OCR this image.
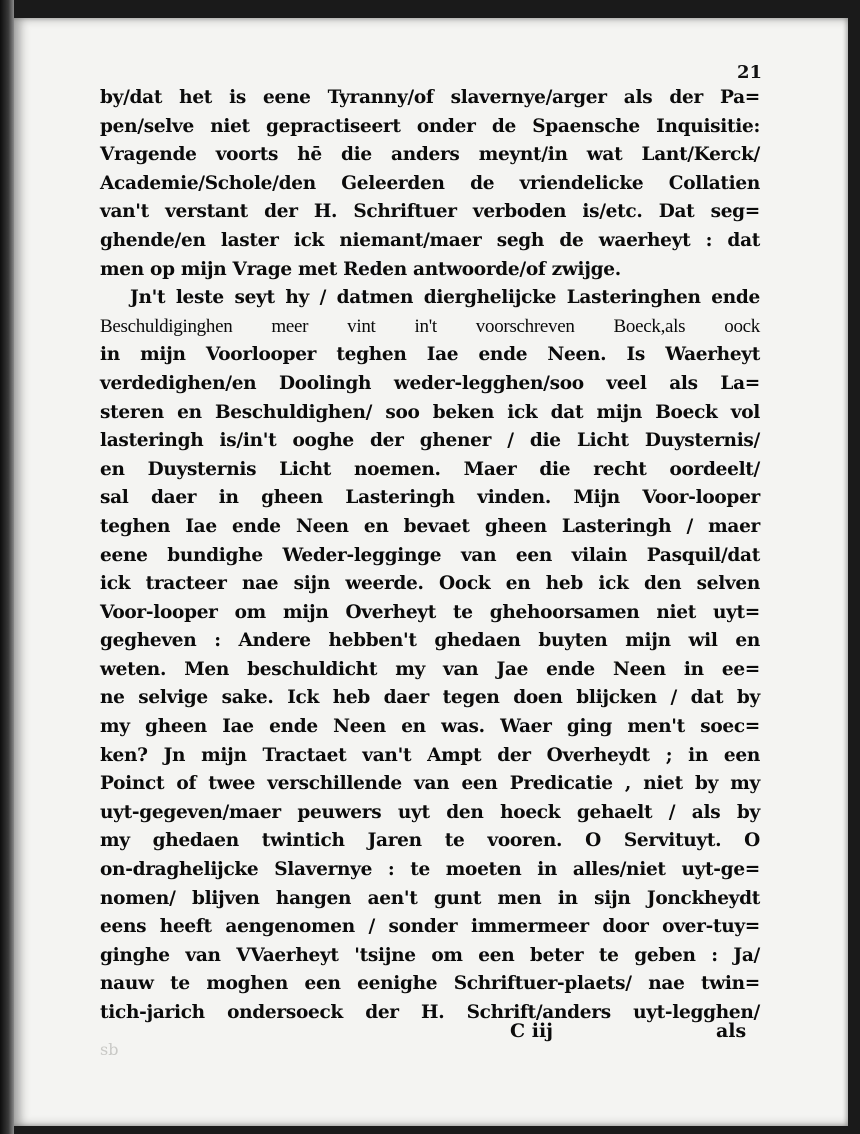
21
by/dat het is eene Tyranny/of slavernye/arger als der Pa=
pen/selve niet gepractiseert onder de Spaensche Inquisitie:
Vragende voorts hē die anders meynt/in wat Lant/Kerck/
Academie/Schole/den Geleerden de vriendelicke Collatien
van't verstant der H. Schriftuer verboden is/etc. Dat seg=
ghende/en laster ick niemant/maer segh de waerheyt : dat
men op mijn Vrage met Reden antwoorde/of zwijge.
Jn't leste seyt hy / datmen dierghelijcke Lasteringhen ende
Beschuldiginghen meer vint in't voorschreven Boeck,als oock
in mijn Voorlooper teghen Iae ende Neen. Is Waerheyt
verdedighen/en Doolingh weder-legghen/soo veel als La=
steren en Beschuldighen/ soo beken ick dat mijn Boeck vol
lasteringh is/in't ooghe der ghener / die Licht Duysternis/
en Duysternis Licht noemen. Maer die recht oordeelt/
sal daer in gheen Lasteringh vinden. Mijn Voor-looper
teghen Iae ende Neen en bevaet gheen Lasteringh / maer
eene bundighe Weder-legginge van een vilain Pasquil/dat
ick tracteer nae sijn weerde. Oock en heb ick den selven
Voor-looper om mijn Overheyt te ghehoorsamen niet uyt=
gegheven : Andere hebben't ghedaen buyten mijn wil en
weten. Men beschuldicht my van Jae ende Neen in ee=
ne selvige sake. Ick heb daer tegen doen blijcken / dat by
my gheen Iae ende Neen en was. Waer ging men't soec=
ken? Jn mijn Tractaet van't Ampt der Overheydt ; in een
Poinct of twee verschillende van een Predicatie , niet by my
uyt-gegeven/maer peuwers uyt den hoeck gehaelt / als by
my ghedaen twintich Jaren te vooren. O Servituyt. O
on-draghelijcke Slavernye : te moeten in alles/niet uyt-ge=
nomen/ blijven hangen aen't gunt men in sijn Jonckheydt
eens heeft aengenomen / sonder immermeer door over-tuy=
ginghe van VVaerheyt 'tsijne om een beter te geben : Ja/
nauw te moghen een eenighe Schriftuer-plaets/ nae twin=
tich-jarich ondersoeck der H. Schrift/anders uyt-legghen/
C iij	als
sb
